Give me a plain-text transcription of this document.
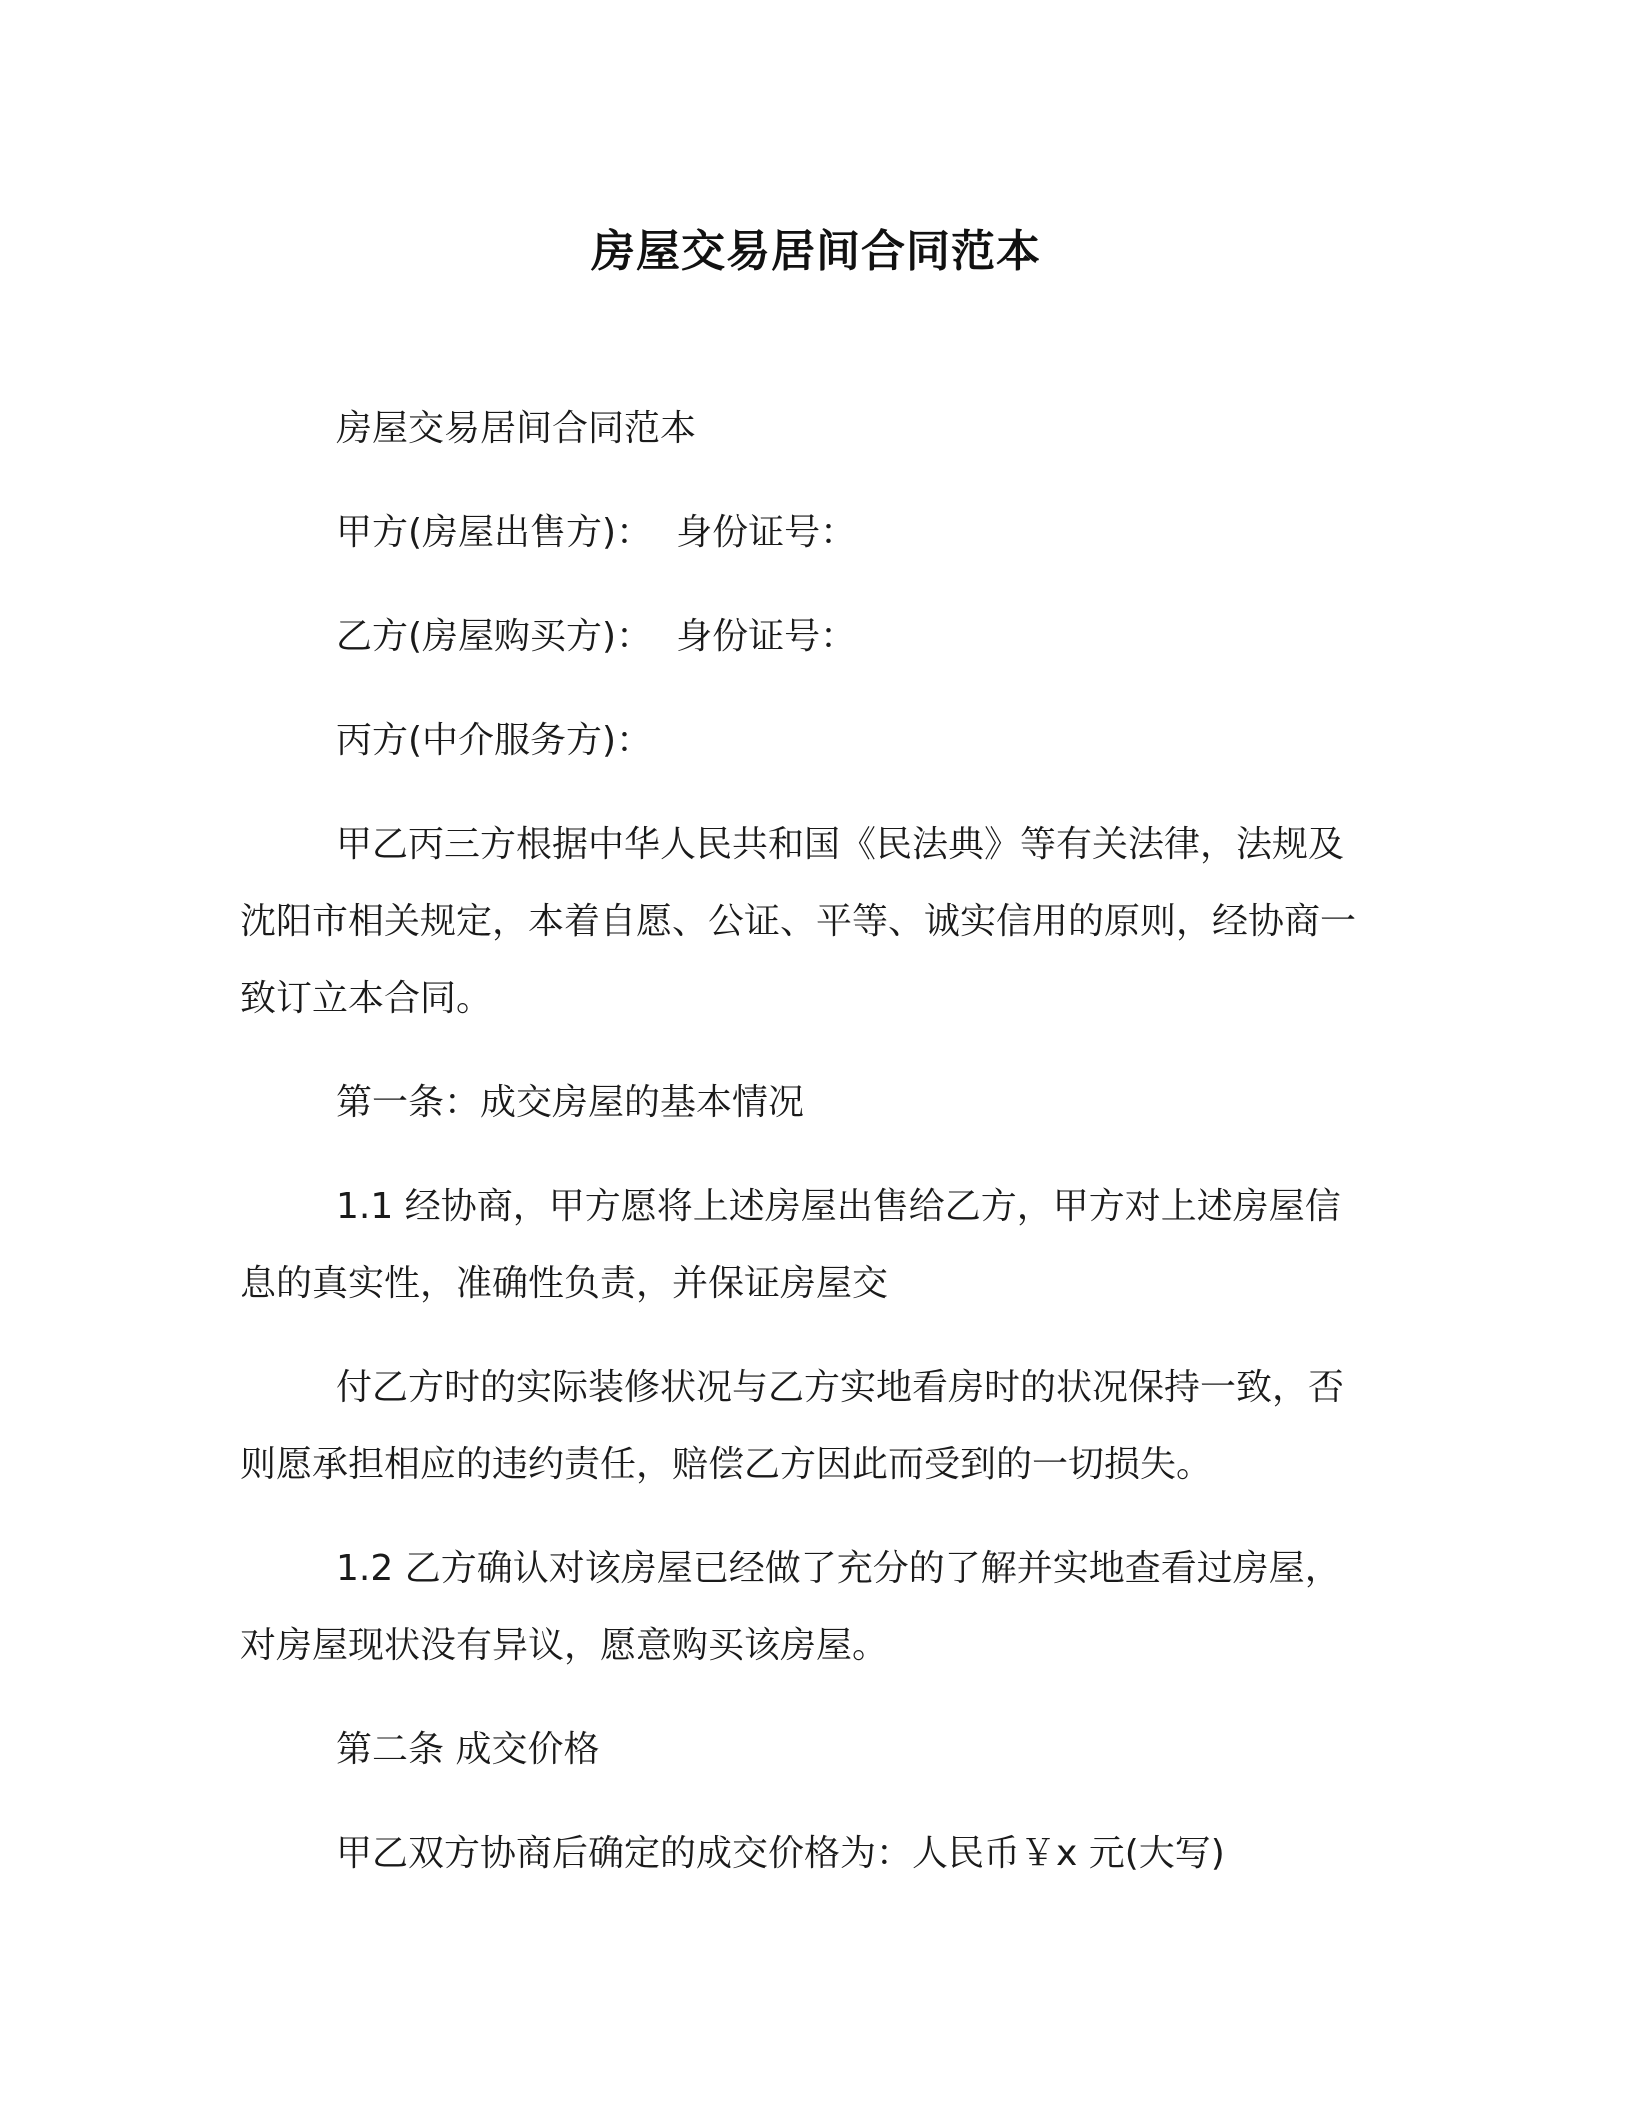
房屋交易居间合同范本

房屋交易居间合同范本

甲方(房屋出售方)： 身份证号：

乙方(房屋购买方)： 身份证号：

丙方(中介服务方)：

甲乙丙三方根据中华人民共和国《民法典》等有关法律，法规及沈阳市相关规定，本着自愿、公证、平等、诚实信用的原则，经协商一致订立本合同。

第一条：成交房屋的基本情况

1.1 经协商，甲方愿将上述房屋出售给乙方，甲方对上述房屋信息的真实性，准确性负责，并保证房屋交

付乙方时的实际装修状况与乙方实地看房时的状况保持一致，否则愿承担相应的违约责任，赔偿乙方因此而受到的一切损失。

1.2 乙方确认对该房屋已经做了充分的了解并实地查看过房屋，对房屋现状没有异议，愿意购买该房屋。

第二条 成交价格

甲乙双方协商后确定的成交价格为：人民币￥x 元(大写)
